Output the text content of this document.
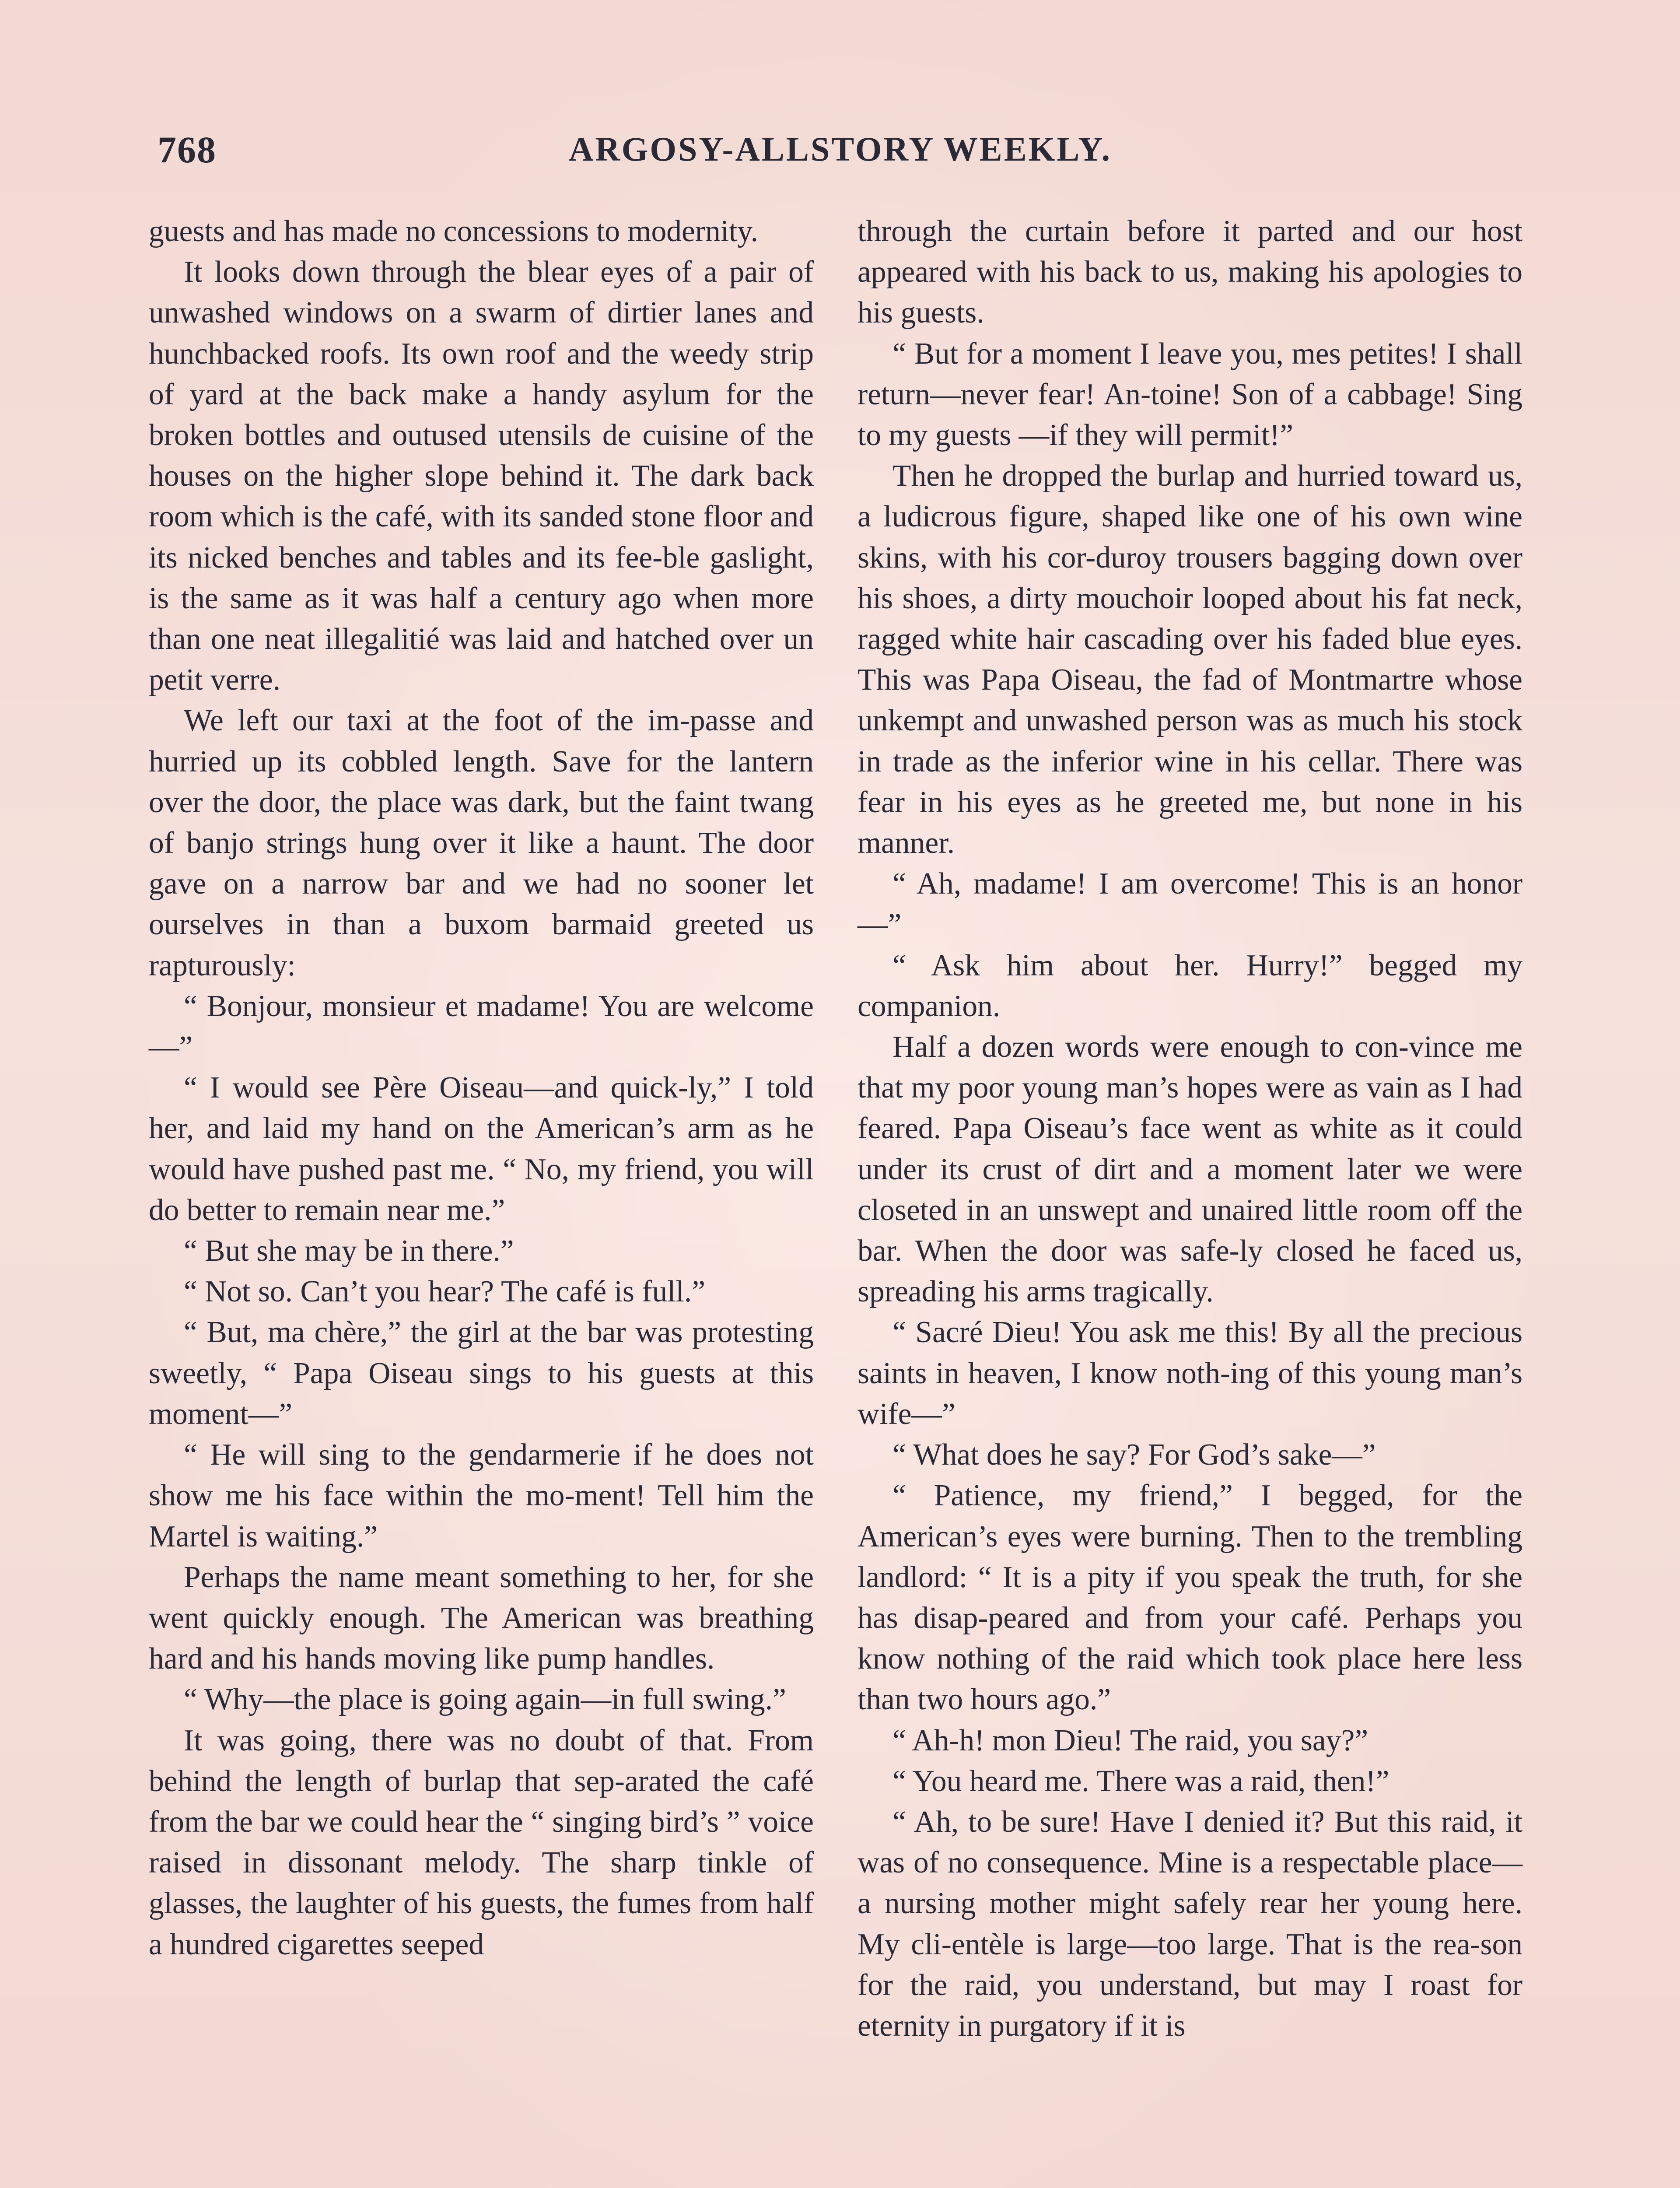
768	ARGOSY-ALLSTORY WEEKLY.

guests and has made no concessions to modernity.

It looks down through the blear eyes of a pair of unwashed windows on a swarm of dirtier lanes and hunchbacked roofs. Its own roof and the weedy strip of yard at the back make a handy asylum for the broken bottles and outused utensils de cuisine of the houses on the higher slope behind it. The dark back room which is the café, with its sanded stone floor and its nicked benches and tables and its fee-ble gaslight, is the same as it was half a century ago when more than one neat illegalitié was laid and hatched over un petit verre.

We left our taxi at the foot of the im-passe and hurried up its cobbled length. Save for the lantern over the door, the place was dark, but the faint twang of banjo strings hung over it like a haunt. The door gave on a narrow bar and we had no sooner let ourselves in than a buxom barmaid greeted us rapturously:

“ Bonjour, monsieur et madame! You are welcome—”

“ I would see Père Oiseau—and quick-ly,” I told her, and laid my hand on the American’s arm as he would have pushed past me. “ No, my friend, you will do better to remain near me.”

“ But she may be in there.”

“ Not so. Can’t you hear? The café is full.”

“ But, ma chère,” the girl at the bar was protesting sweetly, “ Papa Oiseau sings to his guests at this moment—”

“ He will sing to the gendarmerie if he does not show me his face within the mo-ment! Tell him the Martel is waiting.”

Perhaps the name meant something to her, for she went quickly enough. The American was breathing hard and his hands moving like pump handles.

“ Why—the place is going again—in full swing.”

It was going, there was no doubt of that. From behind the length of burlap that sep-arated the café from the bar we could hear the “ singing bird’s ” voice raised in dissonant melody. The sharp tinkle of glasses, the laughter of his guests, the fumes from half a hundred cigarettes seeped

through the curtain before it parted and our host appeared with his back to us, making his apologies to his guests.

“ But for a moment I leave you, mes petites! I shall return—never fear! An-toine! Son of a cabbage! Sing to my guests —if they will permit!”

Then he dropped the burlap and hurried toward us, a ludicrous figure, shaped like one of his own wine skins, with his cor-duroy trousers bagging down over his shoes, a dirty mouchoir looped about his fat neck, ragged white hair cascading over his faded blue eyes. This was Papa Oiseau, the fad of Montmartre whose unkempt and unwashed person was as much his stock in trade as the inferior wine in his cellar. There was fear in his eyes as he greeted me, but none in his manner.

“ Ah, madame! I am overcome! This is an honor—”

“ Ask him about her. Hurry!” begged my companion.

Half a dozen words were enough to con-vince me that my poor young man’s hopes were as vain as I had feared. Papa Oiseau’s face went as white as it could under its crust of dirt and a moment later we were closeted in an unswept and unaired little room off the bar. When the door was safe-ly closed he faced us, spreading his arms tragically.

“ Sacré Dieu! You ask me this! By all the precious saints in heaven, I know noth-ing of this young man’s wife—”

“ What does he say? For God’s sake—”

“ Patience, my friend,” I begged, for the American’s eyes were burning. Then to the trembling landlord: “ It is a pity if you speak the truth, for she has disap-peared and from your café. Perhaps you know nothing of the raid which took place here less than two hours ago.”

“ Ah-h! mon Dieu! The raid, you say?”

“ You heard me. There was a raid, then!”

“ Ah, to be sure! Have I denied it? But this raid, it was of no consequence. Mine is a respectable place—a nursing mother might safely rear her young here. My cli-entèle is large—too large. That is the rea-son for the raid, you understand, but may I roast for eternity in purgatory if it is
